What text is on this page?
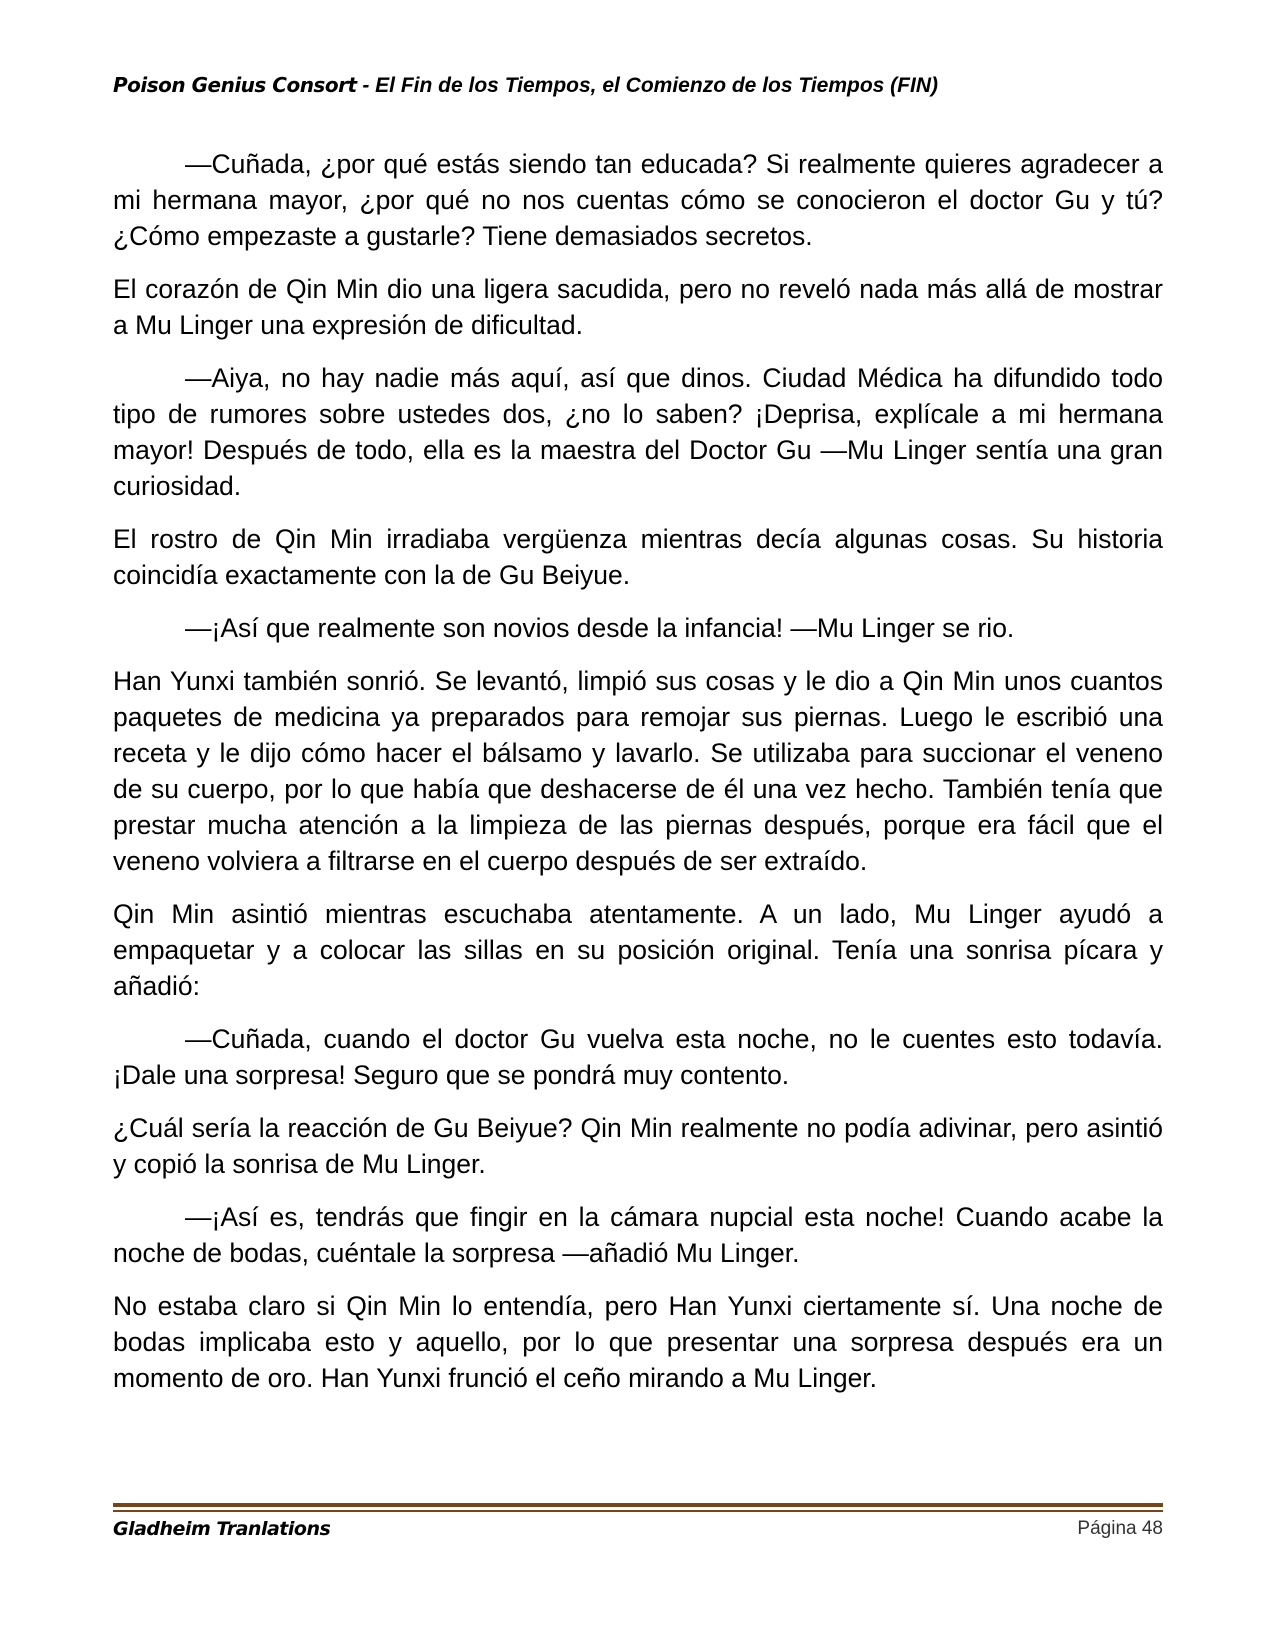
Poison Genius Consort - El Fin de los Tiempos, el Comienzo de los Tiempos (FIN)

—Cuñada, ¿por qué estás siendo tan educada? Si realmente quieres agradecer a mi hermana mayor, ¿por qué no nos cuentas cómo se conocieron el doctor Gu y tú? ¿Cómo empezaste a gustarle? Tiene demasiados secretos.

El corazón de Qin Min dio una ligera sacudida, pero no reveló nada más allá de mostrar a Mu Linger una expresión de dificultad.

—Aiya, no hay nadie más aquí, así que dinos. Ciudad Médica ha difundido todo tipo de rumores sobre ustedes dos, ¿no lo saben? ¡Deprisa, explícale a mi hermana mayor! Después de todo, ella es la maestra del Doctor Gu —Mu Linger sentía una gran curiosidad.

El rostro de Qin Min irradiaba vergüenza mientras decía algunas cosas. Su historia coincidía exactamente con la de Gu Beiyue.

—¡Así que realmente son novios desde la infancia! —Mu Linger se rio.

Han Yunxi también sonrió. Se levantó, limpió sus cosas y le dio a Qin Min unos cuantos paquetes de medicina ya preparados para remojar sus piernas. Luego le escribió una receta y le dijo cómo hacer el bálsamo y lavarlo. Se utilizaba para succionar el veneno de su cuerpo, por lo que había que deshacerse de él una vez hecho. También tenía que prestar mucha atención a la limpieza de las piernas después, porque era fácil que el veneno volviera a filtrarse en el cuerpo después de ser extraído.

Qin Min asintió mientras escuchaba atentamente. A un lado, Mu Linger ayudó a empaquetar y a colocar las sillas en su posición original. Tenía una sonrisa pícara y añadió:

—Cuñada, cuando el doctor Gu vuelva esta noche, no le cuentes esto todavía. ¡Dale una sorpresa! Seguro que se pondrá muy contento.

¿Cuál sería la reacción de Gu Beiyue? Qin Min realmente no podía adivinar, pero asintió y copió la sonrisa de Mu Linger.

—¡Así es, tendrás que fingir en la cámara nupcial esta noche! Cuando acabe la noche de bodas, cuéntale la sorpresa —añadió Mu Linger.

No estaba claro si Qin Min lo entendía, pero Han Yunxi ciertamente sí. Una noche de bodas implicaba esto y aquello, por lo que presentar una sorpresa después era un momento de oro. Han Yunxi frunció el ceño mirando a Mu Linger.

Gladheim Tranlations	Página 48
